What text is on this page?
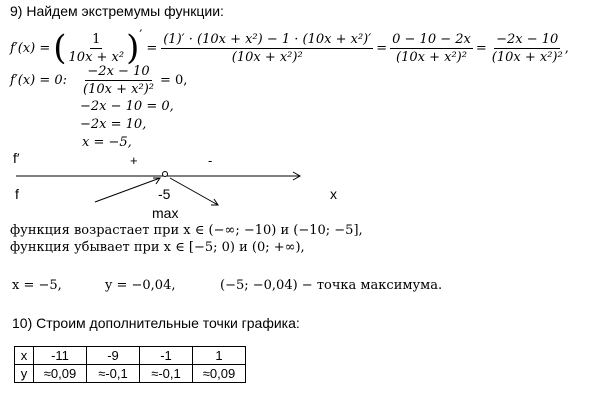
9) Найдем экстремумы функции:
f′(x) = ( $\frac{1}{\text{10x + x²}}$ ) ′
= $\frac{\text{(1)′ · (10x + x²) − 1 · (10x + x²)′}}{\text{(10x + x²)²}} = \frac{0 - 10 - 2x}{\text{(10x + x²)²}} = \frac{-2x - 10}{\text{(10x + x²)²}}$ ,
f′(x) = 0: $\frac{-2x - 10}{\text{(10x + x²)²}} = 0$,
−2x − 10 = 0,
−2x = 10,
x = −5,
f′	+	-
f	-5	x
max
функция возрастает при x ∈ (−∞; −10) и (−10; −5],
функция убывает при x ∈ [−5; 0) и (0; +∞),
x = −5,	y = −0,04,	(−5; −0,04) − точка максимума.
10) Строим дополнительные точки графика:
x	-11	-9	-1	1
y	≈0,09	≈-0,1	≈-0,1	≈0,09
